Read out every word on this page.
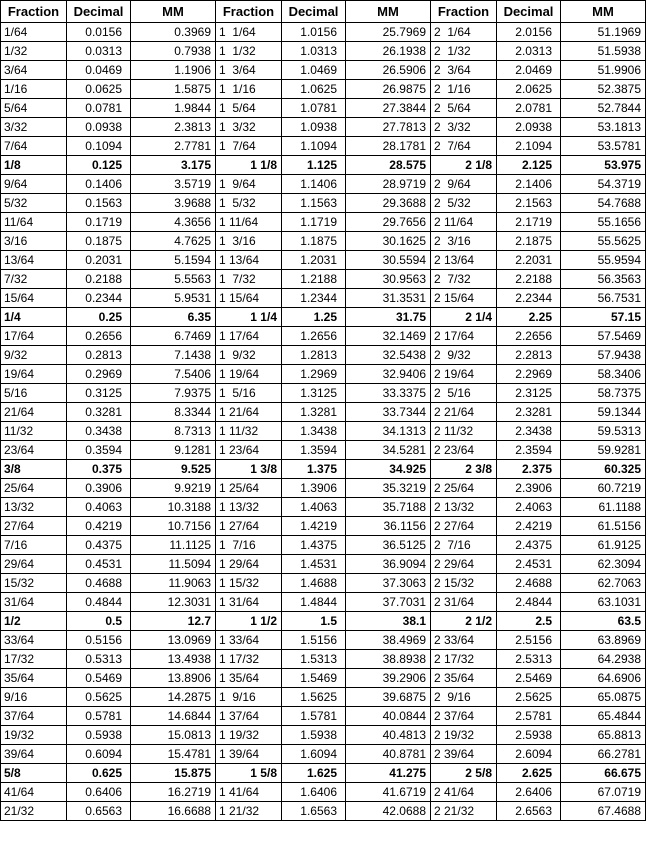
Fraction	Decimal	MM	Fraction	Decimal	MM	Fraction	Decimal	MM
1/64	0.0156	0.3969	1  1/64	1.0156	25.7969	2  1/64	2.0156	51.1969
1/32	0.0313	0.7938	1  1/32	1.0313	26.1938	2  1/32	2.0313	51.5938
3/64	0.0469	1.1906	1  3/64	1.0469	26.5906	2  3/64	2.0469	51.9906
1/16	0.0625	1.5875	1  1/16	1.0625	26.9875	2  1/16	2.0625	52.3875
5/64	0.0781	1.9844	1  5/64	1.0781	27.3844	2  5/64	2.0781	52.7844
3/32	0.0938	2.3813	1  3/32	1.0938	27.7813	2  3/32	2.0938	53.1813
7/64	0.1094	2.7781	1  7/64	1.1094	28.1781	2  7/64	2.1094	53.5781
1/8	0.125	3.175	1 1/8	1.125	28.575	2 1/8	2.125	53.975
9/64	0.1406	3.5719	1  9/64	1.1406	28.9719	2  9/64	2.1406	54.3719
5/32	0.1563	3.9688	1  5/32	1.1563	29.3688	2  5/32	2.1563	54.7688
11/64	0.1719	4.3656	1 11/64	1.1719	29.7656	2 11/64	2.1719	55.1656
3/16	0.1875	4.7625	1  3/16	1.1875	30.1625	2  3/16	2.1875	55.5625
13/64	0.2031	5.1594	1 13/64	1.2031	30.5594	2 13/64	2.2031	55.9594
7/32	0.2188	5.5563	1  7/32	1.2188	30.9563	2  7/32	2.2188	56.3563
15/64	0.2344	5.9531	1 15/64	1.2344	31.3531	2 15/64	2.2344	56.7531
1/4	0.25	6.35	1 1/4	1.25	31.75	2 1/4	2.25	57.15
17/64	0.2656	6.7469	1 17/64	1.2656	32.1469	2 17/64	2.2656	57.5469
9/32	0.2813	7.1438	1  9/32	1.2813	32.5438	2  9/32	2.2813	57.9438
19/64	0.2969	7.5406	1 19/64	1.2969	32.9406	2 19/64	2.2969	58.3406
5/16	0.3125	7.9375	1  5/16	1.3125	33.3375	2  5/16	2.3125	58.7375
21/64	0.3281	8.3344	1 21/64	1.3281	33.7344	2 21/64	2.3281	59.1344
11/32	0.3438	8.7313	1 11/32	1.3438	34.1313	2 11/32	2.3438	59.5313
23/64	0.3594	9.1281	1 23/64	1.3594	34.5281	2 23/64	2.3594	59.9281
3/8	0.375	9.525	1 3/8	1.375	34.925	2 3/8	2.375	60.325
25/64	0.3906	9.9219	1 25/64	1.3906	35.3219	2 25/64	2.3906	60.7219
13/32	0.4063	10.3188	1 13/32	1.4063	35.7188	2 13/32	2.4063	61.1188
27/64	0.4219	10.7156	1 27/64	1.4219	36.1156	2 27/64	2.4219	61.5156
7/16	0.4375	11.1125	1  7/16	1.4375	36.5125	2  7/16	2.4375	61.9125
29/64	0.4531	11.5094	1 29/64	1.4531	36.9094	2 29/64	2.4531	62.3094
15/32	0.4688	11.9063	1 15/32	1.4688	37.3063	2 15/32	2.4688	62.7063
31/64	0.4844	12.3031	1 31/64	1.4844	37.7031	2 31/64	2.4844	63.1031
1/2	0.5	12.7	1 1/2	1.5	38.1	2 1/2	2.5	63.5
33/64	0.5156	13.0969	1 33/64	1.5156	38.4969	2 33/64	2.5156	63.8969
17/32	0.5313	13.4938	1 17/32	1.5313	38.8938	2 17/32	2.5313	64.2938
35/64	0.5469	13.8906	1 35/64	1.5469	39.2906	2 35/64	2.5469	64.6906
9/16	0.5625	14.2875	1  9/16	1.5625	39.6875	2  9/16	2.5625	65.0875
37/64	0.5781	14.6844	1 37/64	1.5781	40.0844	2 37/64	2.5781	65.4844
19/32	0.5938	15.0813	1 19/32	1.5938	40.4813	2 19/32	2.5938	65.8813
39/64	0.6094	15.4781	1 39/64	1.6094	40.8781	2 39/64	2.6094	66.2781
5/8	0.625	15.875	1 5/8	1.625	41.275	2 5/8	2.625	66.675
41/64	0.6406	16.2719	1 41/64	1.6406	41.6719	2 41/64	2.6406	67.0719
21/32	0.6563	16.6688	1 21/32	1.6563	42.0688	2 21/32	2.6563	67.4688
